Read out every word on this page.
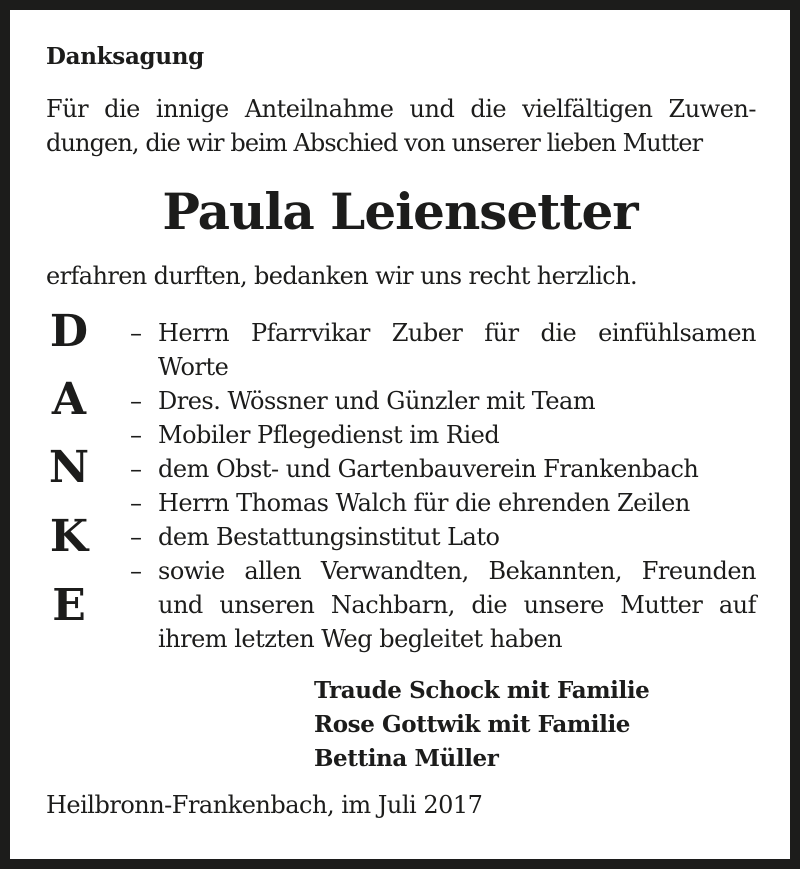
Danksagung
Für die innige Anteilnahme und die vielfältigen Zuwen-
dungen, die wir beim Abschied von unserer lieben Mutter
Paula Leiensetter
erfahren durften, bedanken wir uns recht herzlich.
D
A
N
K
E
– Herrn Pfarrvikar Zuber für die einfühlsamen
Worte
– Dres. Wössner und Günzler mit Team
– Mobiler Pflegedienst im Ried
– dem Obst- und Gartenbauverein Frankenbach
– Herrn Thomas Walch für die ehrenden Zeilen
– dem Bestattungsinstitut Lato
– sowie allen Verwandten, Bekannten, Freunden
und unseren Nachbarn, die unsere Mutter auf
ihrem letzten Weg begleitet haben
Traude Schock mit Familie
Rose Gottwik mit Familie
Bettina Müller
Heilbronn-Frankenbach, im Juli 2017
